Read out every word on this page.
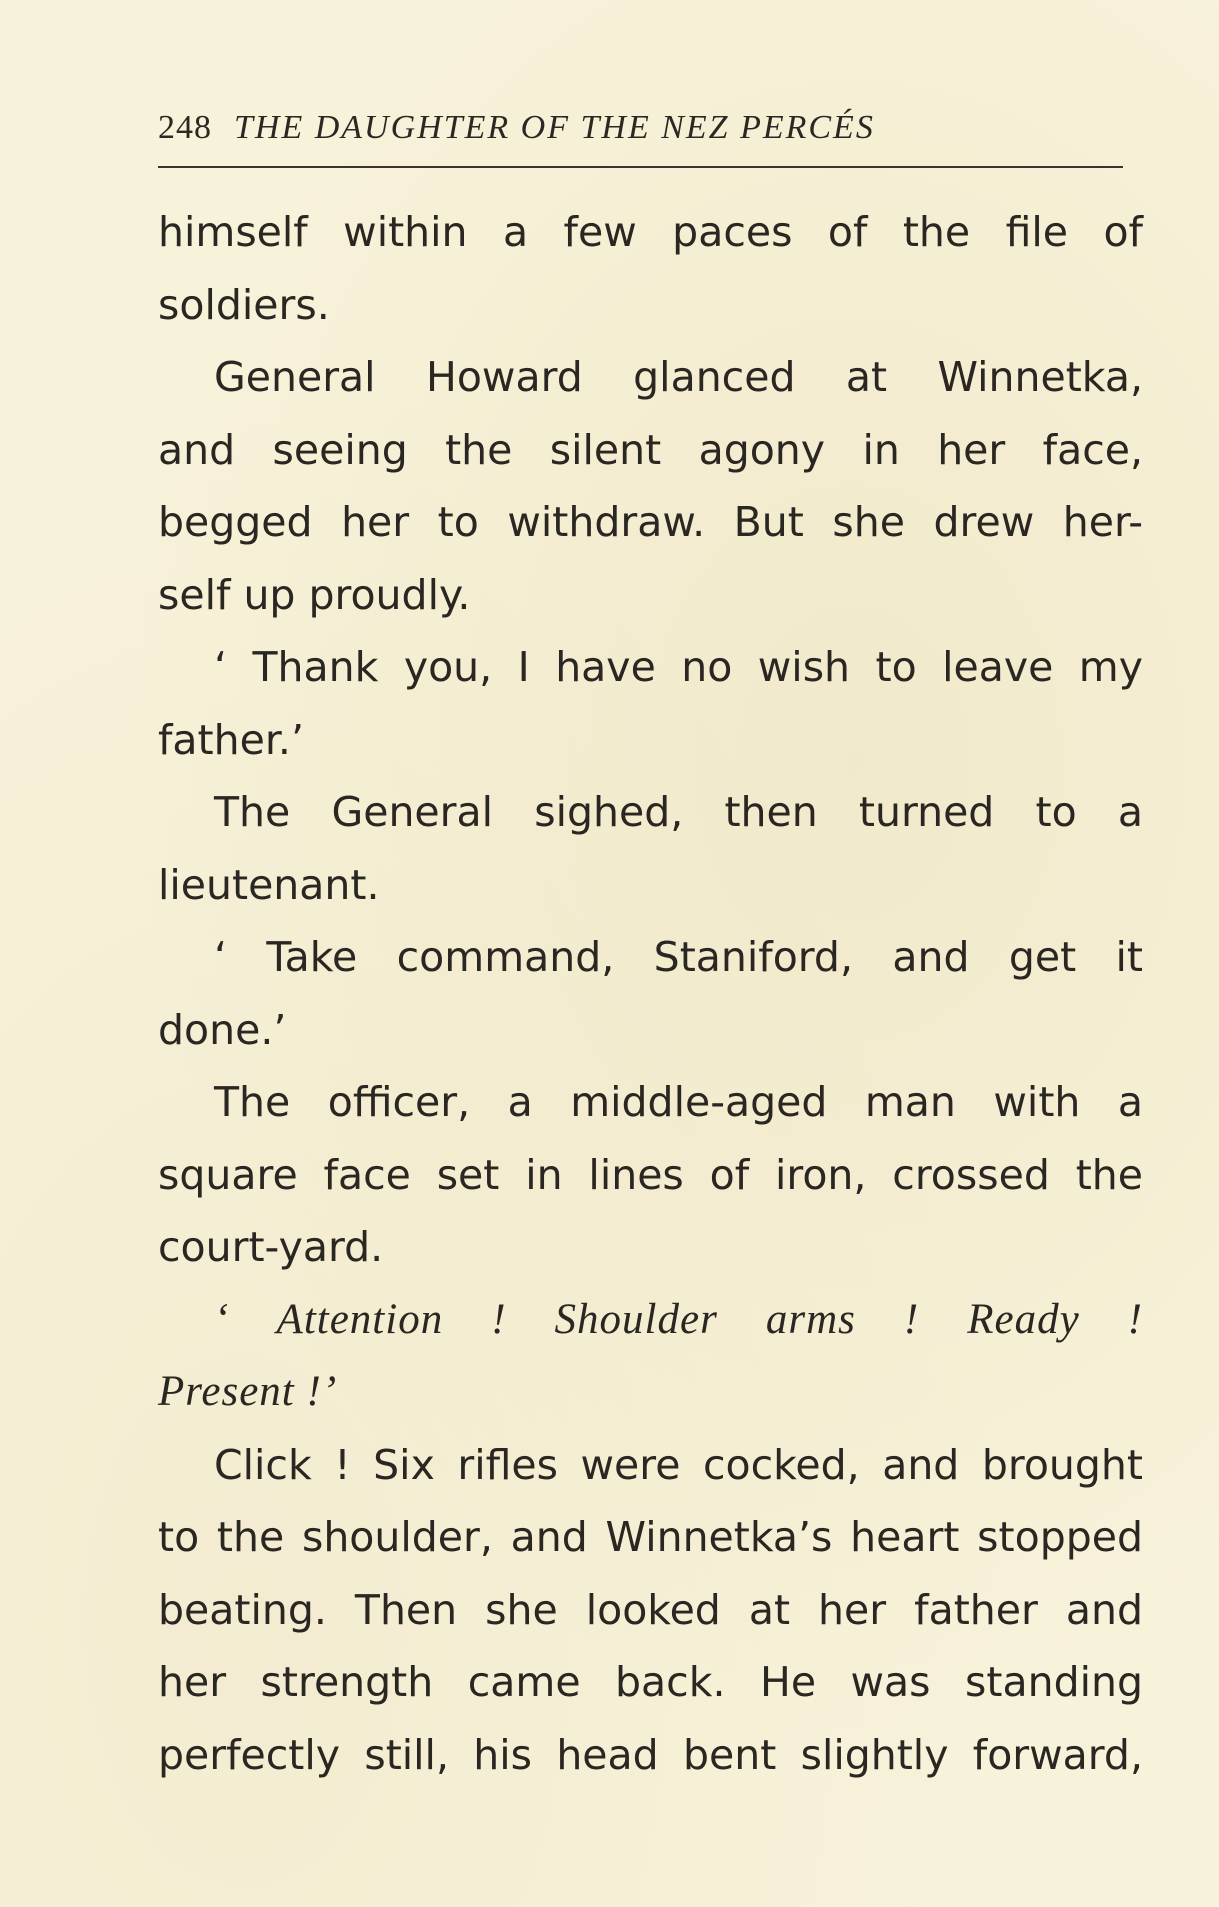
248 THE DAUGHTER OF THE NEZ PERCÉS
himself within a few paces of the file of
soldiers.
General Howard glanced at Winnetka,
and seeing the silent agony in her face,
begged her to withdraw. But she drew her-
self up proudly.
‘ Thank you, I have no wish to leave my
father.’
The General sighed, then turned to a
lieutenant.
‘ Take command, Staniford, and get it
done.’
The officer, a middle-aged man with a
square face set in lines of iron, crossed the
court-yard.
‘ Attention ! Shoulder arms ! Ready !
Present !’
Click ! Six rifles were cocked, and brought
to the shoulder, and Winnetka’s heart stopped
beating. Then she looked at her father and
her strength came back. He was standing
perfectly still, his head bent slightly forward,
